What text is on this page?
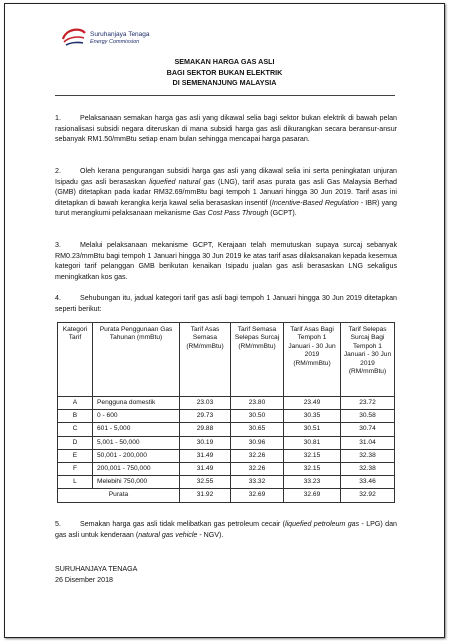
Suruhanjaya Tenaga
Energy Commission
SEMAKAN HARGA GAS ASLI
BAGI SEKTOR BUKAN ELEKTRIK
DI SEMENANJUNG MALAYSIA
1.	Pelaksanaan semakan harga gas asli yang dikawal selia bagi sektor bukan elektrik di bawah pelan rasionalisasi subsidi negara diteruskan di mana subsidi harga gas asli dikurangkan secara beransur-ansur sebanyak RM1.50/mmBtu setiap enam bulan sehingga mencapai harga pasaran.
2.	Oleh kerana pengurangan subsidi harga gas asli yang dikawal selia ini serta peningkatan unjuran Isipadu gas asli berasaskan liquefied natural gas (LNG), tarif asas purata gas asli Gas Malaysia Berhad (GMB) ditetapkan pada kadar RM32.69/mmBtu bagi tempoh 1 Januari hingga 30 Jun 2019. Tarif asas ini ditetapkan di bawah kerangka kerja kawal selia berasaskan insentif (Incentive-Based Regulation - IBR) yang turut merangkumi pelaksanaan mekanisme Gas Cost Pass Through (GCPT).
3.	Melalui pelaksanaan mekanisme GCPT, Kerajaan telah memutuskan supaya surcaj sebanyak RM0.23/mmBtu bagi tempoh 1 Januari hingga 30 Jun 2019 ke atas tarif asas dilaksanakan kepada kesemua kategori tarif pelanggan GMB berikutan kenaikan Isipadu jualan gas asli berasaskan LNG sekaligus meningkatkan kos gas.
4.	Sehubungan itu, jadual kategori tarif gas asli bagi tempoh 1 Januari hingga 30 Jun 2019 ditetapkan seperti berikut:
Kategori Tarif	Purata Penggunaan Gas Tahunan (mmBtu)	Tarif Asas Semasa (RM/mmBtu)	Tarif Semasa Selepas Surcaj (RM/mmBtu)	Tarif Asas Bagi Tempoh 1 Januari - 30 Jun 2019 (RM/mmBtu)	Tarif Selepas Surcaj Bagi Tempoh 1 Januari - 30 Jun 2019 (RM/mmBtu)
A	Pengguna domestik	23.03	23.80	23.49	23.72
B	0 - 600	29.73	30.50	30.35	30.58
C	601 - 5,000	29.88	30.65	30.51	30.74
D	5,001 - 50,000	30.19	30.96	30.81	31.04
E	50,001 - 200,000	31.49	32.26	32.15	32.38
F	200,001 - 750,000	31.49	32.26	32.15	32.38
L	Melebihi 750,000	32.55	33.32	33.23	33.46
Purata		31.92	32.69	32.69	32.92
5.	Semakan harga gas asli tidak melibatkan gas petroleum cecair (liquefied petroleum gas - LPG) dan gas asli untuk kenderaan (natural gas vehicle - NGV).
SURUHANJAYA TENAGA
26 Disember 2018
